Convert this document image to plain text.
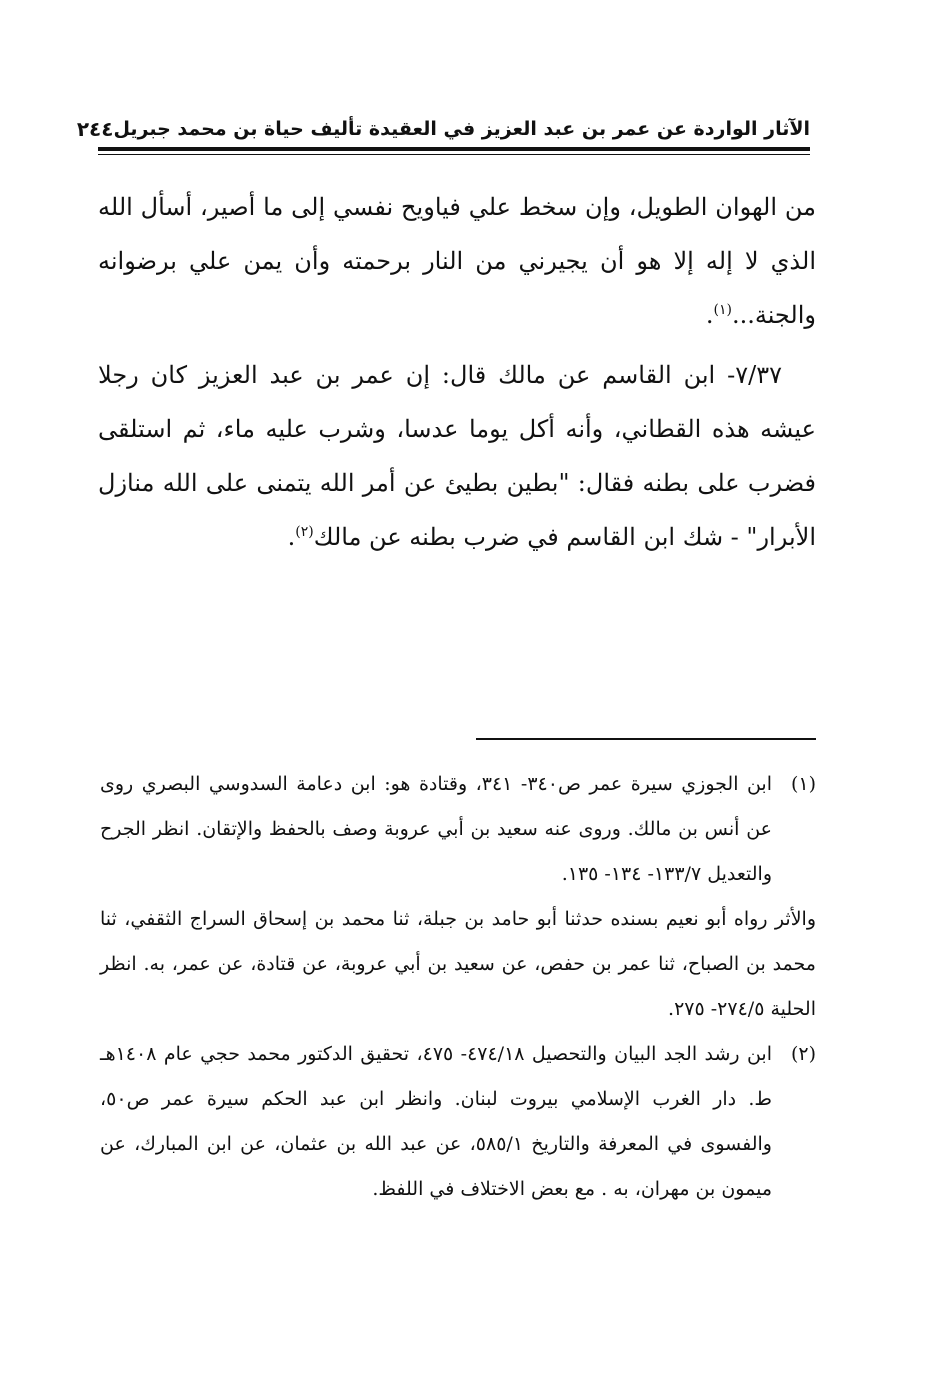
الآثار الواردة عن عمر بن عبد العزيز في العقيدة تأليف حياة بن محمد جبريل
٢٤٤

من الهوان الطويل، وإن سخط علي فياويح نفسي إلى ما أصير، أسأل الله الذي لا إله إلا هو أن يجيرني من النار برحمته وأن يمن علي برضوانه والجنة...$^{(١)}$.

٧/٣٧- ابن القاسم عن مالك قال: إن عمر بن عبد العزيز كان رجلا عيشه هذه القطاني، وأنه أكل يوما عدسا، وشرب عليه ماء، ثم استلقى فضرب على بطنه فقال: "بطين بطيئ عن أمر الله يتمنى على الله منازل الأبرار" - شك ابن القاسم في ضرب بطنه عن مالك$^{(٢)}$.

(١)

ابن الجوزي سيرة عمر ص٣٤٠- ٣٤١، وقتادة هو: ابن دعامة السدوسي البصري روى عن أنس بن مالك. وروى عنه سعيد بن أبي عروبة وصف بالحفظ والإتقان. انظر الجرح والتعديل ١٣٣/٧- ١٣٤- ١٣٥.

والأثر رواه أبو نعيم بسنده حدثنا أبو حامد بن جبلة، ثنا محمد بن إسحاق السراج الثقفي، ثنا محمد بن الصباح، ثنا عمر بن حفص، عن سعيد بن أبي عروبة، عن قتادة، عن عمر، به. انظر الحلية ٢٧٤/٥- ٢٧٥.

(٢)

ابن رشد الجد البيان والتحصيل ٤٧٤/١٨- ٤٧٥، تحقيق الدكتور محمد حجي عام ١٤٠٨هـ ط. دار الغرب الإسلامي بيروت لبنان. وانظر ابن عبد الحكم سيرة عمر ص٥٠، والفسوى في المعرفة والتاريخ ٥٨٥/١، عن عبد الله بن عثمان، عن ابن المبارك، عن ميمون بن مهران، به . مع بعض الاختلاف في اللفظ.
